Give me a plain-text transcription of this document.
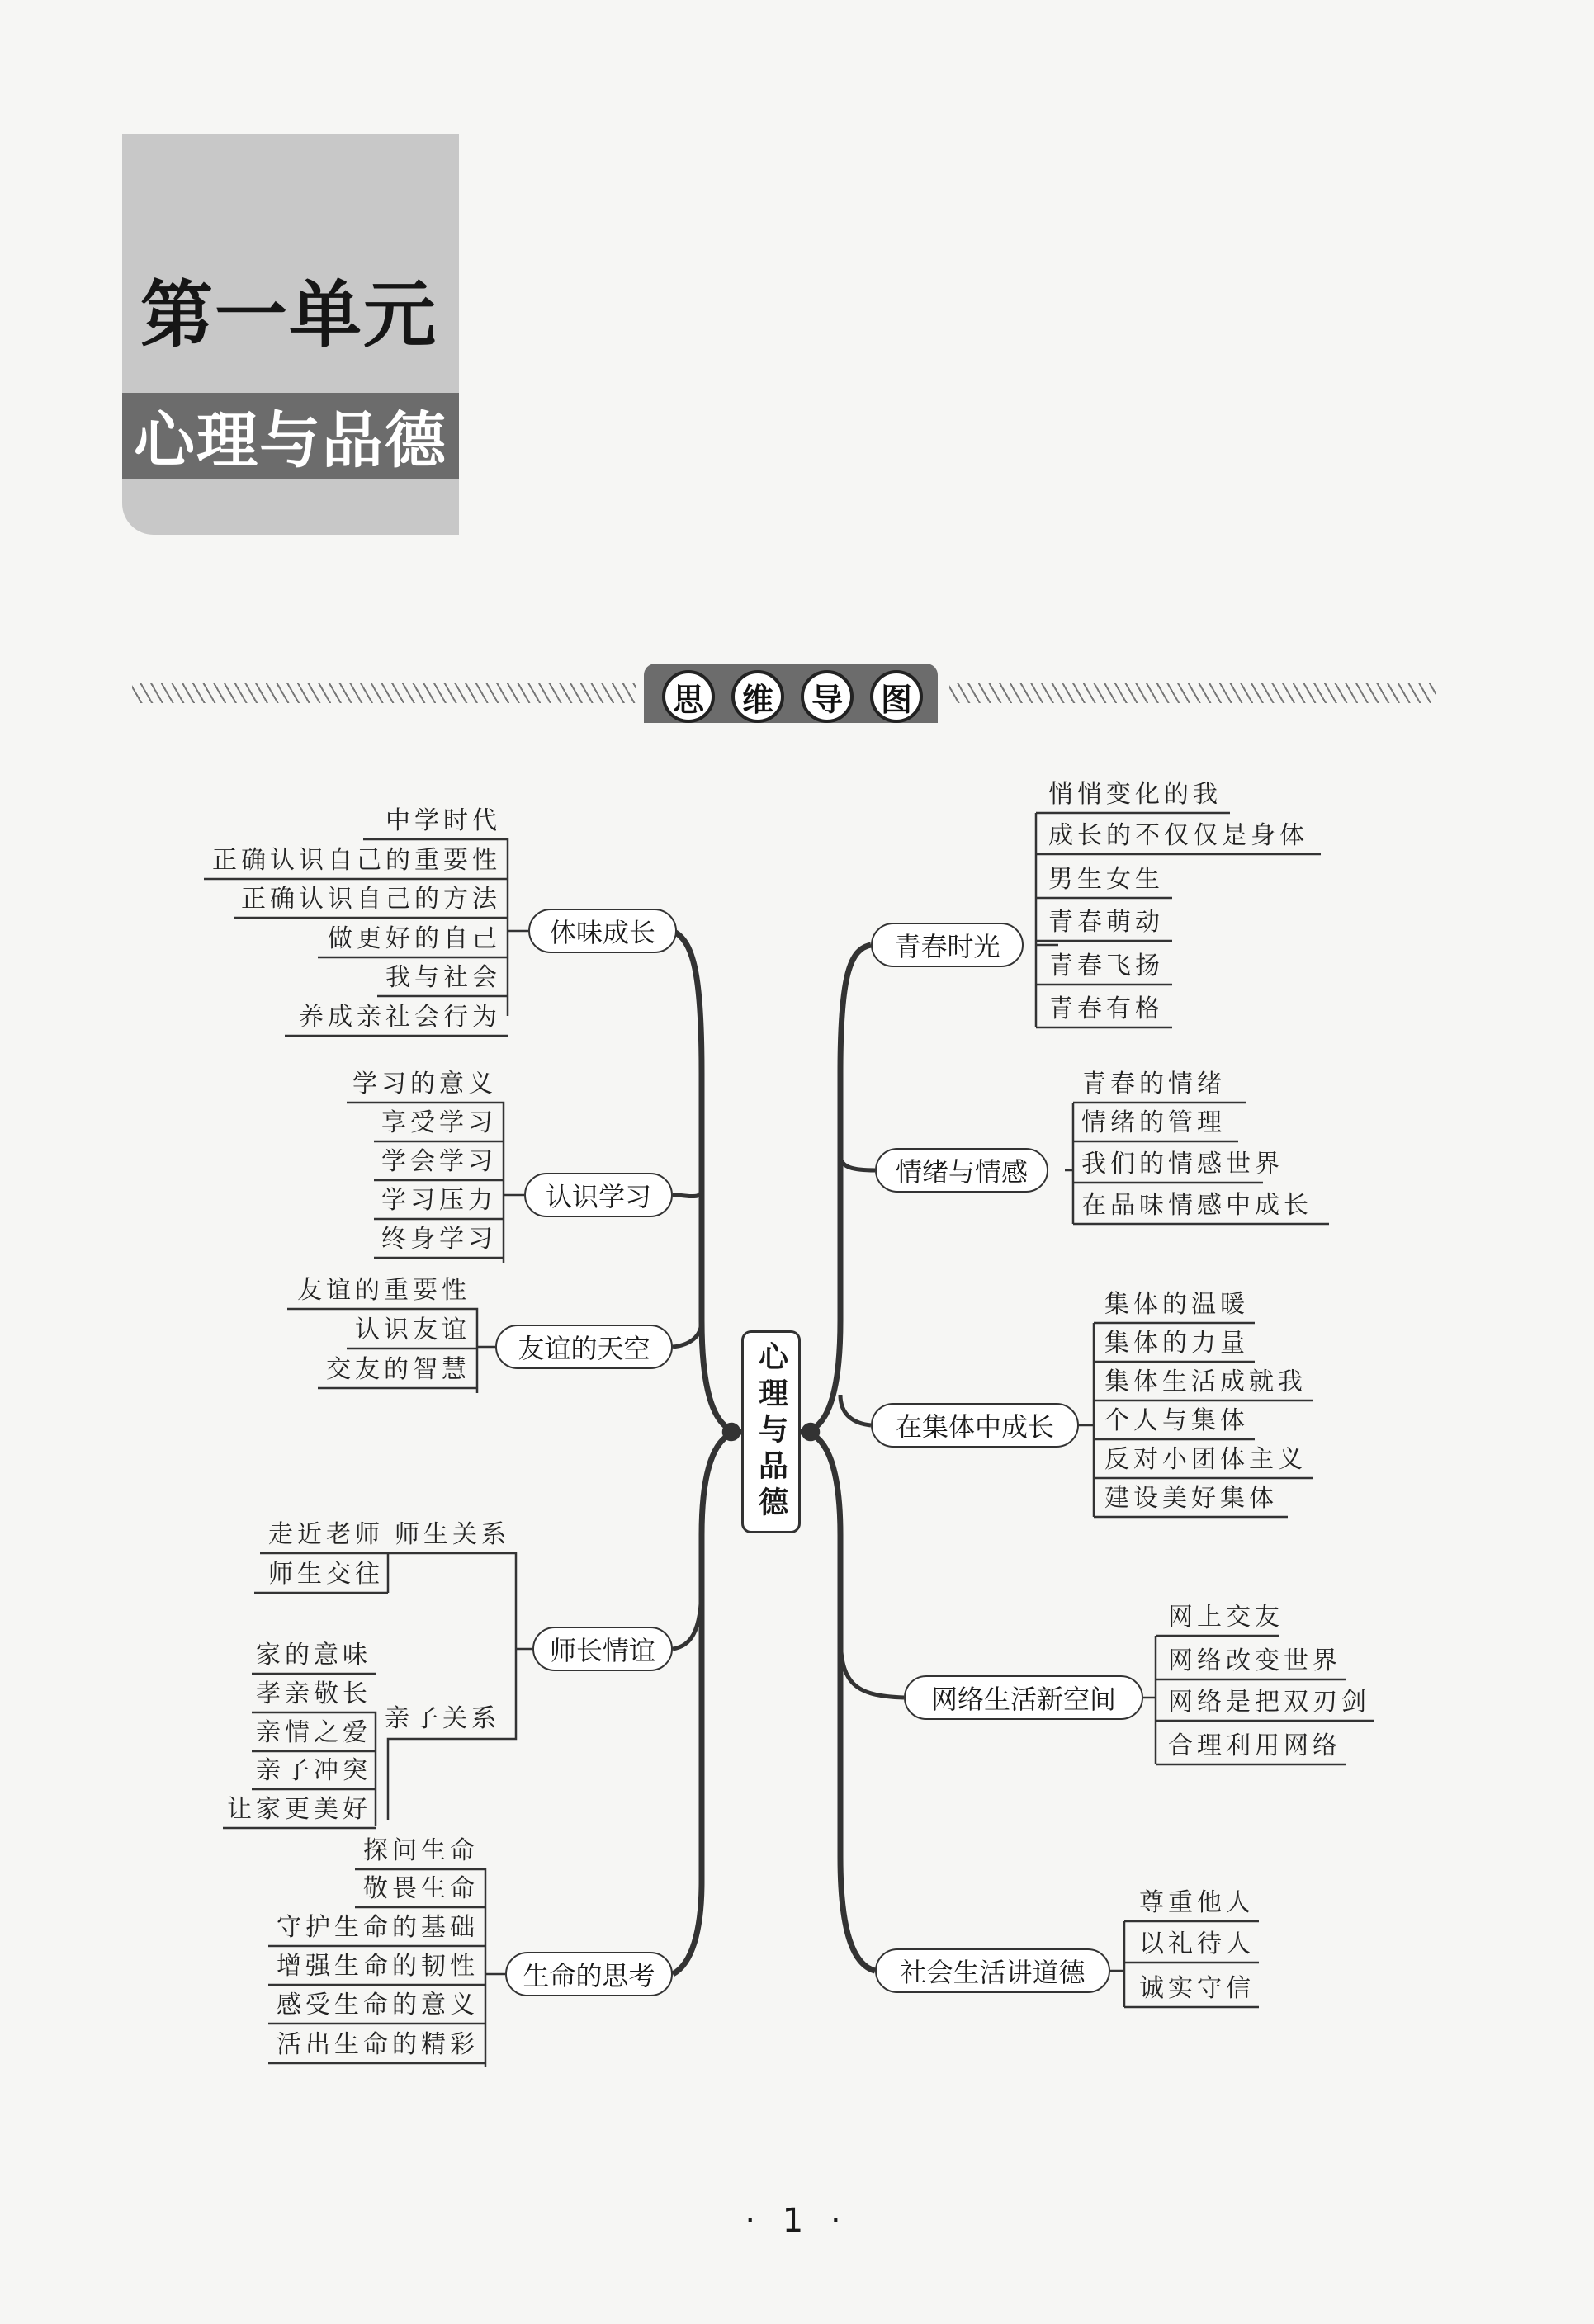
第一单元
心理与品德
思	维	导	图
心理与品德
体味成长
认识学习
友谊的天空
师长情谊
生命的思考
青春时光
情绪与情感
在集体中成长
网络生活新空间
社会生活讲道德
中学时代
正确认识自己的重要性
正确认识自己的方法
做更好的自己
我与社会
养成亲社会行为
学习的意义
享受学习
学会学习
学习压力
终身学习
友谊的重要性
认识友谊
交友的智慧
师生关系
走近老师
师生交往
亲子关系
家的意味
孝亲敬长
亲情之爱
亲子冲突
让家更美好
探问生命
敬畏生命
守护生命的基础
增强生命的韧性
感受生命的意义
活出生命的精彩
悄悄变化的我
成长的不仅仅是身体
男生女生
青春萌动
青春飞扬
青春有格
青春的情绪
情绪的管理
我们的情感世界
在品味情感中成长
集体的温暖
集体的力量
集体生活成就我
个人与集体
反对小团体主义
建设美好集体
网上交友
网络改变世界
网络是把双刃剑
合理利用网络
尊重他人
以礼待人
诚实守信
· 1 ·
